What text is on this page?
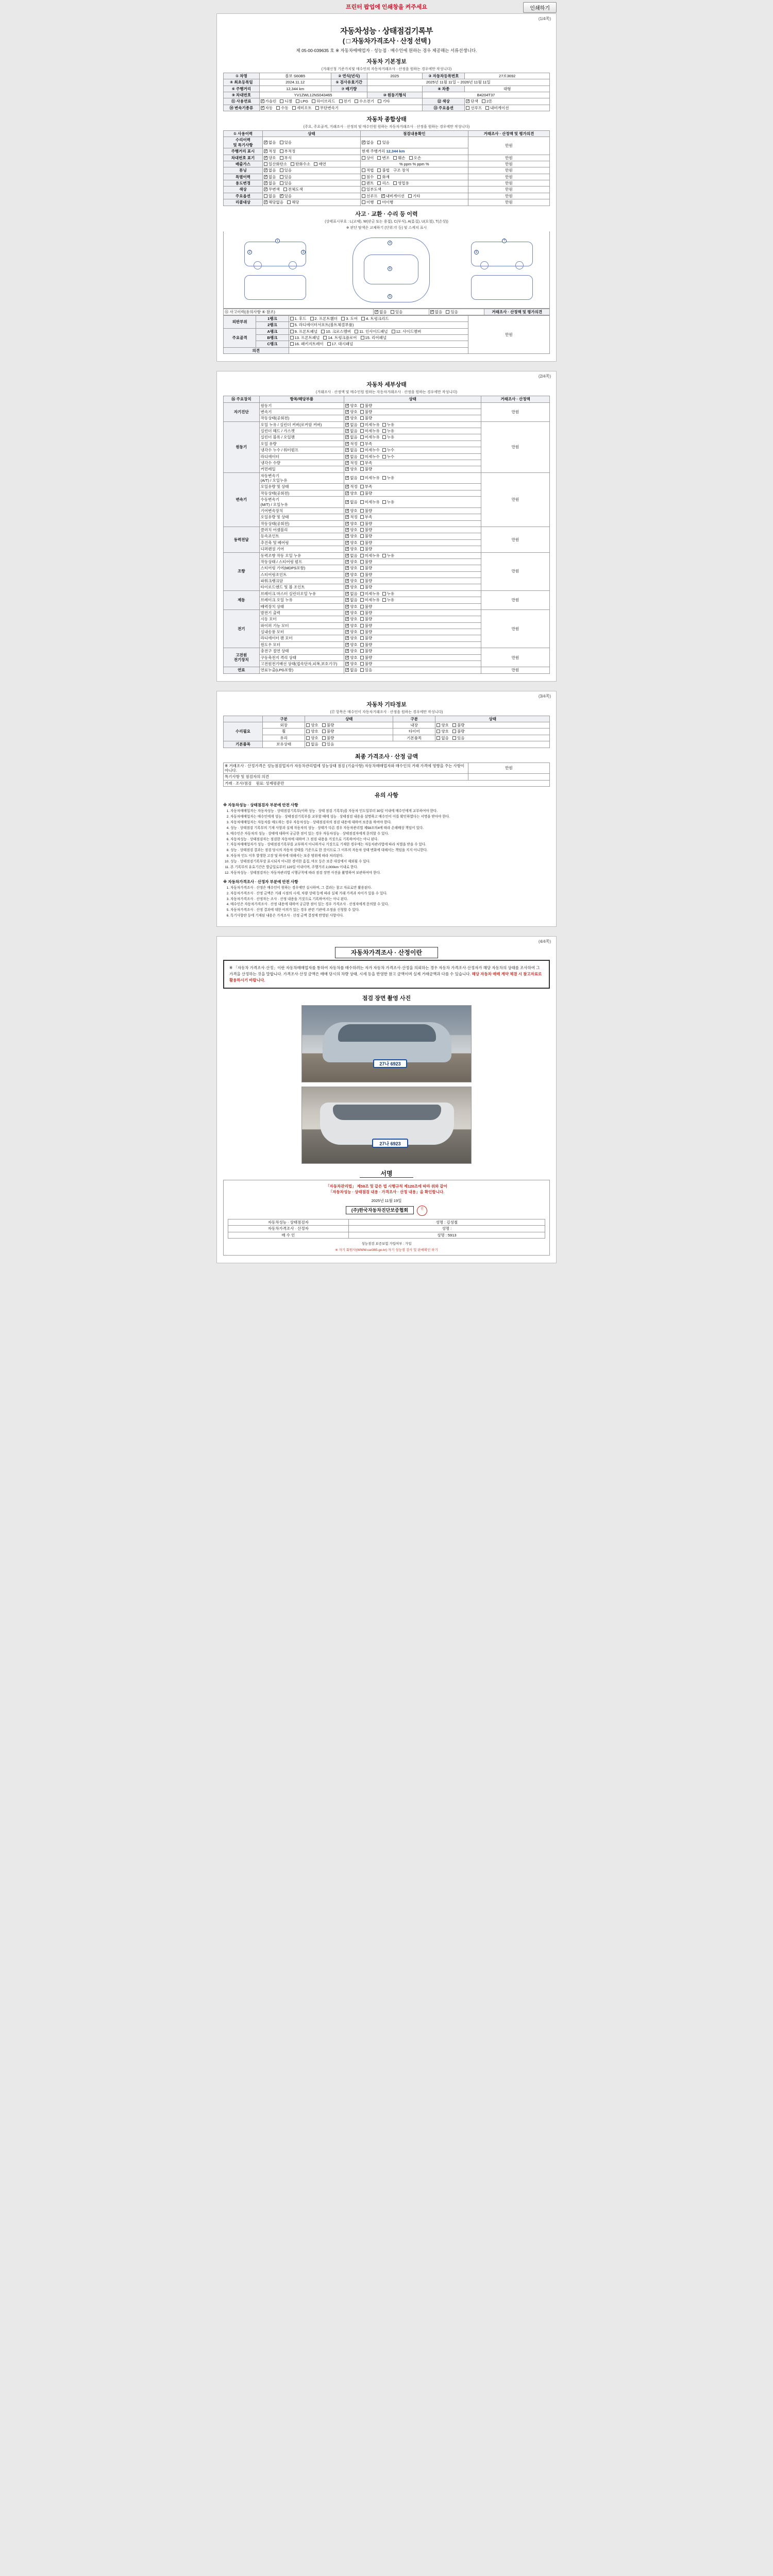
프린터 팝업에 인쇄창을 켜주세요	인쇄하기
(1/4쪽)
자동차성능 · 상태점검기록부
( □ 자동차가격조사 · 산정 선택 )
제 05-00-039635 호 ※ 자동차매매업자 · 성능점 · 매수인에 원하는 경우 제공해는 서류선생니다.
자동차 기본정보
(거래신청 기준가치및 매수인의 자동차거래조사 · 산정을 원하는 경우에만 작성니다)
① 차명	볼보 S60B5	② 연식(년식)	2025	③ 자동차등록번호	27로3692
④ 최초등록일	2024.11.12	⑤ 검사유효기간	2025년 11월 11일 ~ 2026년 11월 11일		
⑥ 주행거리	12,344 km	⑦ 배기량		⑧ 차종	대형
⑨ 차대번호	YV1ZWL12NS043465		⑩ 원동기형식	B4204T37	
⑪ 사용연료	✓가솔린 디젤 LPG 하이브리드 전기 수소전기 기타			⑫ 색상	✓단색 2톤
⑭ 변속기종류	✓자동 수동 세미오토 무단변속기			⑬ 주요옵션	선루프 내비게이션
자동차 종합상태
(주요, 주요골격, 거래조사 · 산정의 및 매수인원 원하는 자동차거래조사 · 산정을 원하는 경우에만 작성니다)
① 사용이력	상태	점검내용확인	거래조사 · 산정액 및 평가의견
수리이력
및 특기사항	✓없음 있음	✓없음 있음	만원
주행거리 표시	✓적정 부적정	현재 주행거리 12,344 km	
차대번호 표기	✓양호 부식	상이 변조 훼손 오손	만원
배출가스	일산화탄소 탄화수소 매연	% ppm % ppm %	만원
튜닝	✓없음 있음	적법 불법 구조 장치	만원
특별이력	✓없음 있음	침수 화재	만원
용도변경	✓없음 있음	렌트 리스 영업용	만원
색상	✓무변색 전체도색	일부도색	만원
주요옵션	없음 ✓ 있음	선루프 ✓ 내비게이션 기타	만원
리콜대상	✓해당없음 해당	이행 미이행	만원
사고 · 교환 · 수리 등 이력
(상태표시부호 : L(교체), W(판금 또는 용접), C(부식), A(흠집), U(요철), T(손상))
※ 판단 탐색은 교체하기 (단위:각 등) 및 스케치 표시
1
2	3
4
5
6
7
8
⑮ 사고이력(유의사항 ④ 참조)	✓없음 있음	✓없음 있음	거래조사 · 산정액 및 평가의견
외판부위	1랭크	1. 후드 2. 프론트휀더 3. 도어 4. 트렁크리드	만원
	2랭크	5. 라디에이터서포트(볼트체결부품)	
주요골격	A랭크	9. 프론트패널 10. 크로스멤버 11. 인사이드패널 12. 사이드멤버	
	B랭크	13. 프론트패널 14. 트렁크플로어 15. 리어패널	
	C랭크	16. 패키지트레이 17. 대시패널	
의견			
(2/4쪽)
자동차 세부상태
(거래조사 · 산정액 및 매수인원 원하는 자동차거래조사 · 산정을 원하는 경우에만 작성니다)
⑯ 주요장치	항목/해당부품	상태	거래조사 · 산정액
자기진단	원동기	✓양호 불량	만원
	변속기	✓양호 불량
	작동상태(공회전)	✓양호 불량
원동기	오일 누유 / 실린더 커버(로커암 커버)	✓없음 미세누유 누유	만원
	실린더 헤드 / 가스켓	✓없음 미세누유 누유
	실린더 블록 / 오일팬	✓없음 미세누유 누유
	오일 유량	✓적정 부족
	냉각수 누수 / 워터펌프	✓없음 미세누수 누수
	라디에이터	✓없음 미세누수 누수
	냉각수 수량	✓적정 부족
	커먼레일	✓양호 불량
변속기	자동변속기
(A/T) / 오일누유	✓없음 미세누유 누유	만원
	오일유량 및 상태	✓적정 부족
	작동상태(공회전)	✓양호 불량
	수동변속기
(M/T) / 오일누유	✓없음 미세누유 누유
	기어변속장치	✓양호 불량
	오일유량 및 상태	✓적정 부족
	작동상태(공회전)	✓양호 불량
동력전달	클러치 어셈블리	✓양호 불량	만원
	등속죠인트	✓양호 불량
	추진축 및 베어링	✓양호 불량
	디퍼렌셜 기어	✓양호 불량
조향	동력조향 작동 오일 누유	✓없음 미세누유 누유	만원
	작동상태 / 스티어링 펌프	✓양호 불량
	스티어링 기어(MDPS포함)	✓양호 불량
	스티어링조인트	✓양호 불량
	파워크랭크암	✓양호 불량
	타이로드엔드 및 볼 조인트	✓양호 불량
제동	브레이크 마스터 실린더오일 누유	✓없음 미세누유 누유	만원
	브레이크 오일 누유	✓없음 미세누유 누유
	배력장치 상태	✓양호 불량
전기	발전기 출력	✓양호 불량	만원
	시동 모터	✓양호 불량
	와이퍼 기능 모터	✓양호 불량
	실내송풍 모터	✓양호 불량
	라디에이터 팬 모터	✓양호 불량
	윈도우 모터	✓양호 불량
고전원
전기장치	충전구 절연 상태	✓양호 불량	만원
	구동축전지 격리 상태	✓양호 불량
	고전원전기배선 상태(접속단자,피복,보호기구)	✓양호 불량
연료	연료누출(LPG포함)	✓없음 있음	만원
(3/4쪽)
자동차 기타정보
(⑰ 항목은 매수인이 자동차거래조사 · 산정을 원하는 경우에만 작성니다)
	구분	상태	구분	상태
수리필요	외장	양호 불량	내장	양호 불량
	휠	양호 불량	타이어	양호 불량
	유리	양호 불량	기본품목	없음 있음
기본품목	보유상태	없음 있음		
최종 가격조사 · 산정 금액
※ 거래조사 · 산정가격은 성능점검업자가 자동차관리법에 성능상태 점검 (기술사항) 자동차매매업자와 매수인의 거래 가격에 영향을 주는 사항이 아니다.	만원
특기사항 및 점검자의 의견	
거래 · 조사/점검 원료: 성제평준만	
유의 사항
※ 자동차성능 · 상태점검자 부분에 안전 사항
1. 자동차매매업자는 자동차성능 · 상태점검기록부(이하 성능 · 상태 점검 기록부)를 자동차 인도일부터 30일 이내에 매수인에게 교부하여야 한다.
2. 자동차매매업자는 매수인에게 성능 · 상태점검기록부를 교부할 때에 성능 · 상태점검 내용을 설명하고 매수인이 이를 확인하였다는 서명을 받아야 한다.
3. 자동차매매업자는 자동차를 매도하는 경우 자동차성능 · 상태점검자의 점검 내용에 대하여 보증을 하여야 한다.
4. 성능 · 상태점검 기록부의 기재 사항과 실제 자동차의 성능 · 상태가 다른 경우 자동차관리법 제58조의4에 따라 손해배상 책임이 있다.
5. 매수인은 자동차의 성능 · 상태에 대하여 궁금한 점이 있는 경우 자동차성능 · 상태점검자에게 문의할 수 있다.
6. 자동차성능 · 상태점검자는 점검한 자동차에 대하여 그 점검 내용을 거짓으로 기록하여서는 아니 된다.
7. 자동차매매업자가 성능 · 상태점검기록부를 교부하지 아니하거나 거짓으로 기재한 경우에는 자동차관리법에 따라 처벌을 받을 수 있다.
8. 성능 · 상태점검 결과는 점검 당시의 자동차 상태를 기준으로 한 것이므로 그 이후의 자동차 상태 변화에 대해서는 책임을 지지 아니한다.
9. 자동차 인도 이후 발생한 고장 및 하자에 대해서는 보증 범위에 따라 처리된다.
10. 성능 · 상태점검기록부상 표시되지 아니한 경미한 흠집, 마모 등은 보증 대상에서 제외될 수 있다.
11. 본 기록부의 유효기간은 발급일로부터 120일 이내이며, 주행거리 2,000km 이내로 한다.
12. 자동차성능 · 상태점검자는 자동차관리법 시행규칙에 따라 점검 장면 사진을 촬영하여 보관하여야 한다.
※ 자동차가격조사 · 산정자 부분에 안전 사항
1. 자동차가격조사 · 산정은 매수인이 원하는 경우에만 실시하며, 그 결과는 참고 자료로만 활용된다.
2. 자동차가격조사 · 산정 금액은 거래 시점의 시세, 차량 상태 등에 따라 실제 거래 가격과 차이가 있을 수 있다.
3. 자동차가격조사 · 산정자는 조사 · 산정 내용을 거짓으로 기록하여서는 아니 된다.
4. 매수인은 자동차가격조사 · 산정 내용에 대하여 궁금한 점이 있는 경우 가격조사 · 산정자에게 문의할 수 있다.
5. 자동차가격조사 · 산정 결과에 대한 이의가 있는 경우 관련 기관에 조정을 신청할 수 있다.
6. 특기사항란 등에 기재된 내용은 가격조사 · 산정 금액 결정에 반영된 사항이다.
(4/4쪽)
자동차가격조사 · 산정이란
※ 「자동차 가격조사·산정」이란 자동차매매업자를 통하여 자동차를 매수하려는 자가 자동차 가격조사·산정을 의뢰하는 경우 자동차 가격조사·산정자가 해당 자동차의 상태를 조사하여 그 가격을 산정하는 것을 말합니다. 가격조사·산정 금액은 매매 당시의 차량 상태, 시세 등을 반영한 참고 금액이며 실제 거래금액과 다를 수 있습니다. 해당 자동차 매매 계약 체결 시 참고자료로 활용하시기 바랍니다.
점검 장면 촬영 사진
27나 6923
27나 6923
서명
「자동차관리법」 제58조 및 같은 법 시행규칙 제120조에 따라 위와 같이
「자동차성능 · 상태점검 내용 · 가격조사 · 산정 내용」을 확인합니다.
2025년 11월 19일
(주)한국자동차진단보증협회	인
자동차성능 · 상태점검자	성명 : 김성철
자동차가격조사 · 산정자	성명 :
매 수 인	성명 : 5913
성능점검 보증보험 가입여부 : 가입
※ 자기 회원사(WWW.car365.go.kr) 자기 성능점 검사 및 판매확인 하기
